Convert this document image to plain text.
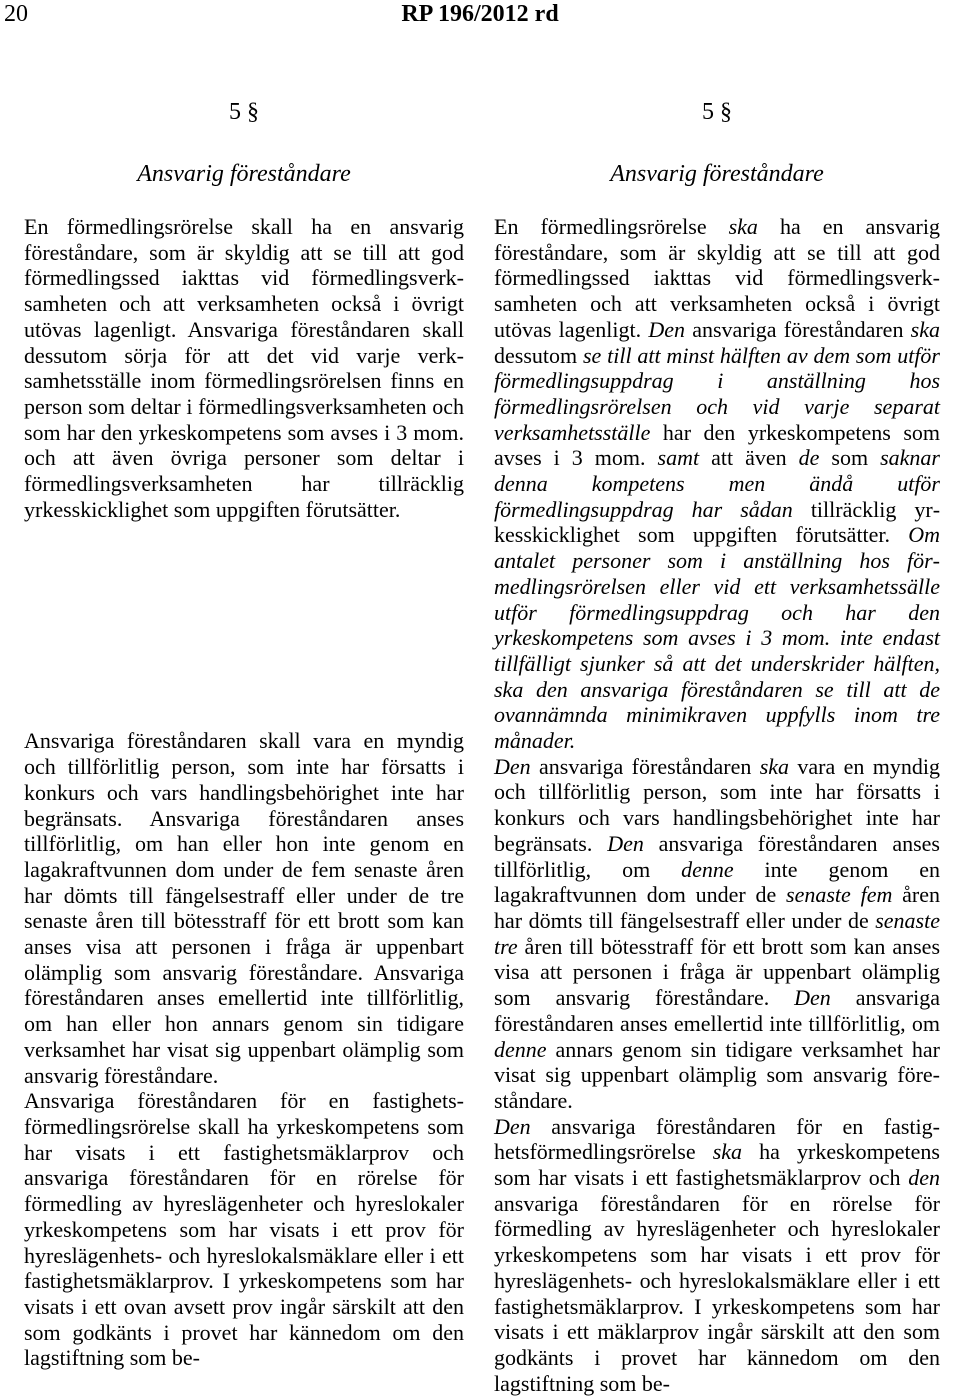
20	RP 196/2012 rd

5 §

Ansvarig föreståndare

En förmedlingsrörelse skall ha en ansvarig föreståndare, som är skyldig att se till att god förmedlingssed iakttas vid förmedlingsverksamheten och att verksamheten också i övrigt utövas lagenligt. Ansvariga föreståndaren skall dessutom sörja för att det vid varje verksamhetsställe inom förmedlingsrörelsen finns en person som deltar i förmedlingsverksamheten och som har den yrkeskompetens som avses i 3 mom. och att även övriga personer som deltar i förmedlingsverksamheten har tillräcklig yrkesskicklighet som uppgiften förutsätter.

Ansvariga föreståndaren skall vara en myndig och tillförlitlig person, som inte har försatts i konkurs och vars handlingsbehörighet inte har begränsats. Ansvariga föreståndaren anses tillförlitlig, om han eller hon inte genom en lagakraftvunnen dom under de fem senaste åren har dömts till fängelsestraff eller under de tre senaste åren till bötesstraff för ett brott som kan anses visa att personen i fråga är uppenbart olämplig som ansvarig föreståndare. Ansvariga föreståndaren anses emellertid inte tillförlitlig, om han eller hon annars genom sin tidigare verksamhet har visat sig uppenbart olämplig som ansvarig föreståndare.

Ansvariga föreståndaren för en fastighetsförmedlingsrörelse skall ha yrkeskompetens som har visats i ett fastighetsmäklarprov och ansvariga föreståndaren för en rörelse för förmedling av hyreslägenheter och hyreslokaler yrkeskompetens som har visats i ett prov för hyreslägenhets- och hyreslokalsmäklare eller i ett fastighetsmäklarprov. I yrkeskompetens som har visats i ett ovan avsett prov ingår särskilt att den som godkänts i provet har kännedom om den lagstiftning som be-

5 §

Ansvarig föreståndare

En förmedlingsrörelse ska ha en ansvarig föreståndare, som är skyldig att se till att god förmedlingssed iakttas vid förmedlingsverksamheten och att verksamheten också i övrigt utövas lagenligt. Den ansvariga föreståndaren ska dessutom se till att minst hälften av dem som utför förmedlingsuppdrag i anställning hos förmedlingsrörelsen och vid varje separat verksamhetsställe har den yrkeskompetens som avses i 3 mom. samt att även de som saknar denna kompetens men ändå utför förmedlingsuppdrag har sådan tillräcklig yrkesskicklighet som uppgiften förutsätter. Om antalet personer som i anställning hos förmedlingsrörelsen eller vid ett verksamhetssälle utför förmedlingsuppdrag och har den yrkeskompetens som avses i 3 mom. inte endast tillfälligt sjunker så att det underskrider hälften, ska den ansvariga föreståndaren se till att de ovannämnda minimikraven uppfylls inom tre månader.

Den ansvariga föreståndaren ska vara en myndig och tillförlitlig person, som inte har försatts i konkurs och vars handlingsbehörighet inte har begränsats. Den ansvariga föreståndaren anses tillförlitlig, om denne inte genom en lagakraftvunnen dom under de senaste fem åren har dömts till fängelsestraff eller under de senaste tre åren till bötesstraff för ett brott som kan anses visa att personen i fråga är uppenbart olämplig som ansvarig föreståndare. Den ansvariga föreståndaren anses emellertid inte tillförlitlig, om denne annars genom sin tidigare verksamhet har visat sig uppenbart olämplig som ansvarig föreståndare.

Den ansvariga föreståndaren för en fastighetsförmedlingsrörelse ska ha yrkeskompetens som har visats i ett fastighetsmäklarprov och den ansvariga föreståndaren för en rörelse för förmedling av hyreslägenheter och hyreslokaler yrkeskompetens som har visats i ett prov för hyreslägenhets- och hyreslokalsmäklare eller i ett fastighetsmäklarprov. I yrkeskompetens som har visats i ett mäklarprov ingår särskilt att den som godkänts i provet har kännedom om den lagstiftning som be-
